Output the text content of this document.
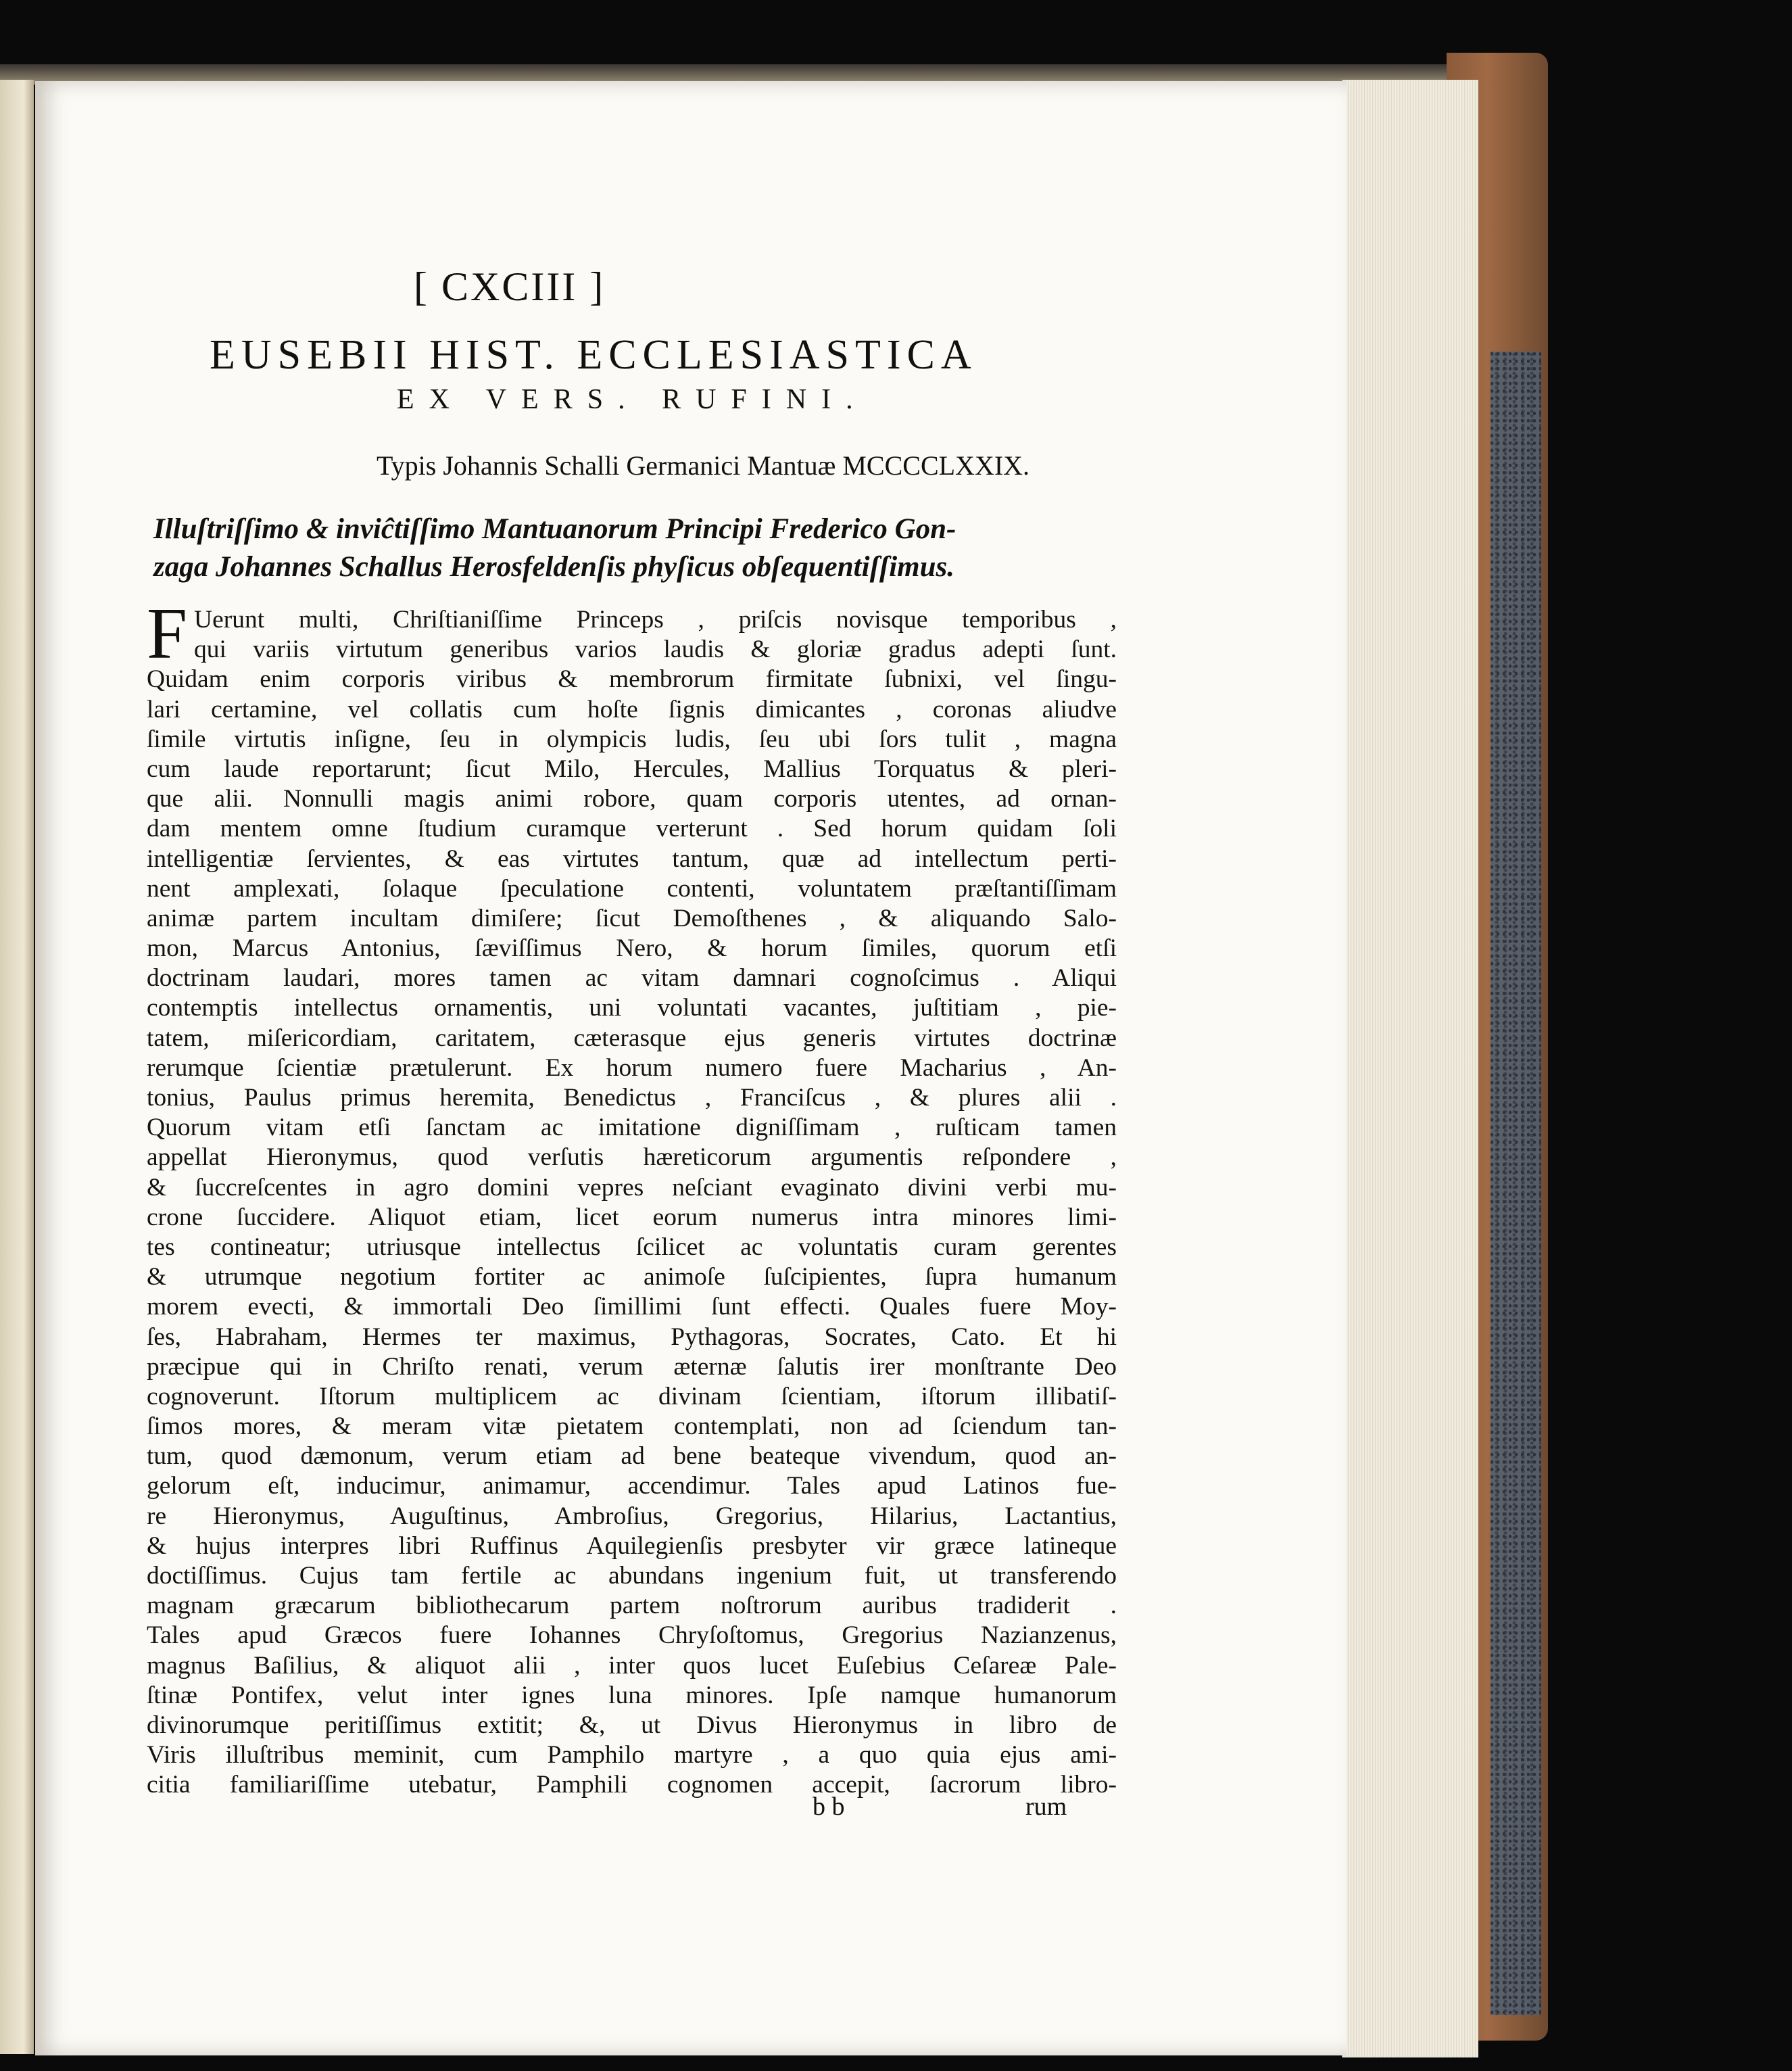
[ CXCIII ]
EUSEBII HIST. ECCLESIASTICA
EX VERS. RUFINI.
Typis Johannis Schalli Germanici Mantuæ MCCCCLXXIX.
Illuſtriſſimo & inviĉtiſſimo Mantuanorum Principi Frederico Gon-
zaga Johannes Schallus Herosfeldenſis phyſicus obſequentiſſimus.
F Uerunt multi, Chriſtianiſſime Princeps , priſcis novisque temporibus ,
qui variis virtutum generibus varios laudis & gloriæ gradus adepti ſunt.
Quidam enim corporis viribus & membrorum firmitate ſubnixi, vel ſingu-
lari certamine, vel collatis cum hoſte ſignis dimicantes , coronas aliudve
ſimile virtutis inſigne, ſeu in olympicis ludis, ſeu ubi ſors tulit , magna
cum laude reportarunt; ſicut Milo, Hercules, Mallius Torquatus & pleri-
que alii. Nonnulli magis animi robore, quam corporis utentes, ad ornan-
dam mentem omne ſtudium curamque verterunt . Sed horum quidam ſoli
intelligentiæ ſervientes, & eas virtutes tantum, quæ ad intellectum perti-
nent amplexati, ſolaque ſpeculatione contenti, voluntatem præſtantiſſimam
animæ partem incultam dimiſere; ſicut Demoſthenes , & aliquando Salo-
mon, Marcus Antonius, ſæviſſimus Nero, & horum ſimiles, quorum etſi
doctrinam laudari, mores tamen ac vitam damnari cognoſcimus . Aliqui
contemptis intellectus ornamentis, uni voluntati vacantes, juſtitiam , pie-
tatem, miſericordiam, caritatem, cæterasque ejus generis virtutes doctrinæ
rerumque ſcientiæ prætulerunt. Ex horum numero fuere Macharius , An-
tonius, Paulus primus heremita, Benedictus , Franciſcus , & plures alii .
Quorum vitam etſi ſanctam ac imitatione digniſſimam , ruſticam tamen
appellat Hieronymus, quod verſutis hæreticorum argumentis reſpondere ,
& ſuccreſcentes in agro domini vepres neſciant evaginato divini verbi mu-
crone ſuccidere. Aliquot etiam, licet eorum numerus intra minores limi-
tes contineatur; utriusque intellectus ſcilicet ac voluntatis curam gerentes
& utrumque negotium fortiter ac animoſe ſuſcipientes, ſupra humanum
morem evecti, & immortali Deo ſimillimi ſunt effecti. Quales fuere Moy-
ſes, Habraham, Hermes ter maximus, Pythagoras, Socrates, Cato. Et hi
præcipue qui in Chriſto renati, verum æternæ ſalutis irer monſtrante Deo
cognoverunt. Iſtorum multiplicem ac divinam ſcientiam, iſtorum illibatiſ-
ſimos mores, & meram vitæ pietatem contemplati, non ad ſciendum tan-
tum, quod dæmonum, verum etiam ad bene beateque vivendum, quod an-
gelorum eſt, inducimur, animamur, accendimur. Tales apud Latinos fue-
re Hieronymus, Auguſtinus, Ambroſius, Gregorius, Hilarius, Lactantius,
& hujus interpres libri Ruffinus Aquilegienſis presbyter vir græce latineque
doctiſſimus. Cujus tam fertile ac abundans ingenium fuit, ut transferendo
magnam græcarum bibliothecarum partem noſtrorum auribus tradiderit .
Tales apud Græcos fuere Iohannes Chryſoſtomus, Gregorius Nazianzenus,
magnus Baſilius, & aliquot alii , inter quos lucet Euſebius Ceſareæ Pale-
ſtinæ Pontifex, velut inter ignes luna minores. Ipſe namque humanorum
divinorumque peritiſſimus extitit; &, ut Divus Hieronymus in libro de
Viris illuſtribus meminit, cum Pamphilo martyre , a quo quia ejus ami-
citia familiariſſime utebatur, Pamphili cognomen accepit, ſacrorum libro-
b b	rum
